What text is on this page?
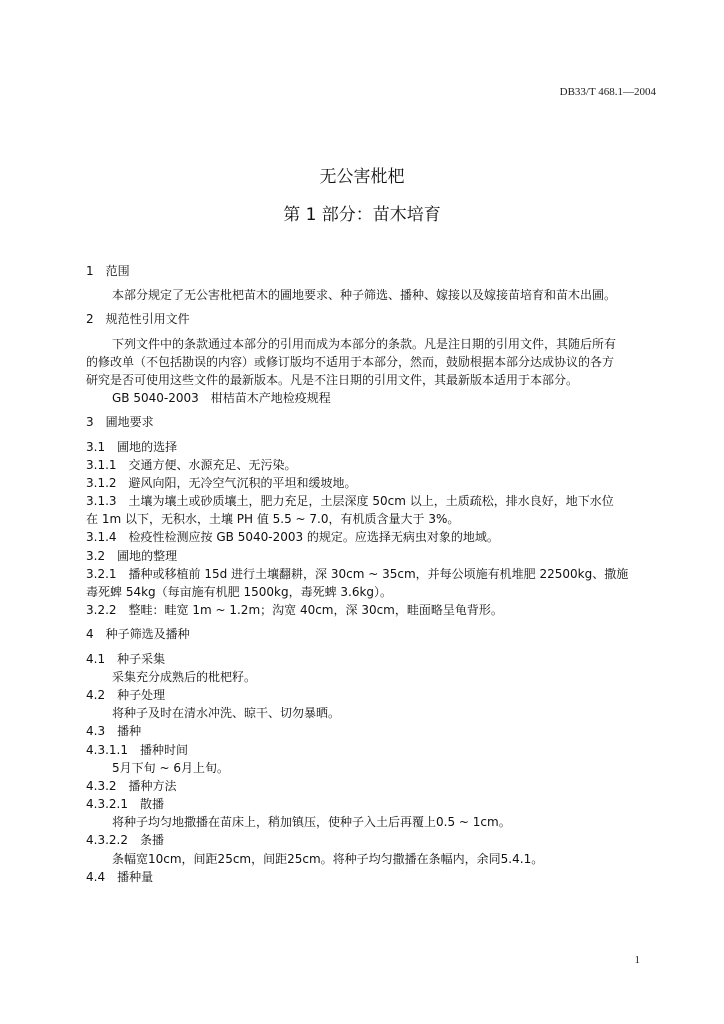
DB33/T 468.1—2004
无公害枇杷
第 1 部分：苗木培育
1　范围
本部分规定了无公害枇杷苗木的圃地要求、种子筛选、播种、嫁接以及嫁接苗培育和苗木出圃。
2　规范性引用文件
下列文件中的条款通过本部分的引用而成为本部分的条款。凡是注日期的引用文件，其随后所有
的修改单（不包括勘误的内容）或修订版均不适用于本部分，然而，鼓励根据本部分达成协议的各方
研究是否可使用这些文件的最新版本。凡是不注日期的引用文件，其最新版本适用于本部分。
GB 5040-2003　柑桔苗木产地检疫规程
3　圃地要求
3.1　圃地的选择
3.1.1　交通方便、水源充足、无污染。
3.1.2　避风向阳，无冷空气沉积的平坦和缓坡地。
3.1.3　土壤为壤土或砂质壤土，肥力充足，土层深度 50cm 以上，土质疏松，排水良好，地下水位
在 1m 以下，无积水，土壤 PH 值 5.5 ~ 7.0，有机质含量大于 3%。
3.1.4　检疫性检测应按 GB 5040-2003 的规定。应选择无病虫对象的地域。
3.2　圃地的整理
3.2.1　播种或移植前 15d 进行土壤翻耕，深 30cm ~ 35cm，并每公顷施有机堆肥 22500kg、撒施
毒死蜱 54kg（每亩施有机肥 1500kg，毒死蜱 3.6kg）。
3.2.2　整畦：畦宽 1m ~ 1.2m；沟宽 40cm，深 30cm，畦面略呈龟背形。
4　种子筛选及播种
4.1　种子采集
采集充分成熟后的枇杷籽。
4.2　种子处理
将种子及时在清水冲洗、晾干、切勿暴晒。
4.3　播种
4.3.1.1　播种时间
5月下旬 ~ 6月上旬。
4.3.2　播种方法
4.3.2.1　散播
将种子均匀地撒播在苗床上，稍加镇压，使种子入土后再覆上0.5 ~ 1cm。
4.3.2.2　条播
条幅宽10cm，间距25cm，间距25cm。将种子均匀撒播在条幅内，余同5.4.1。
4.4　播种量
1
